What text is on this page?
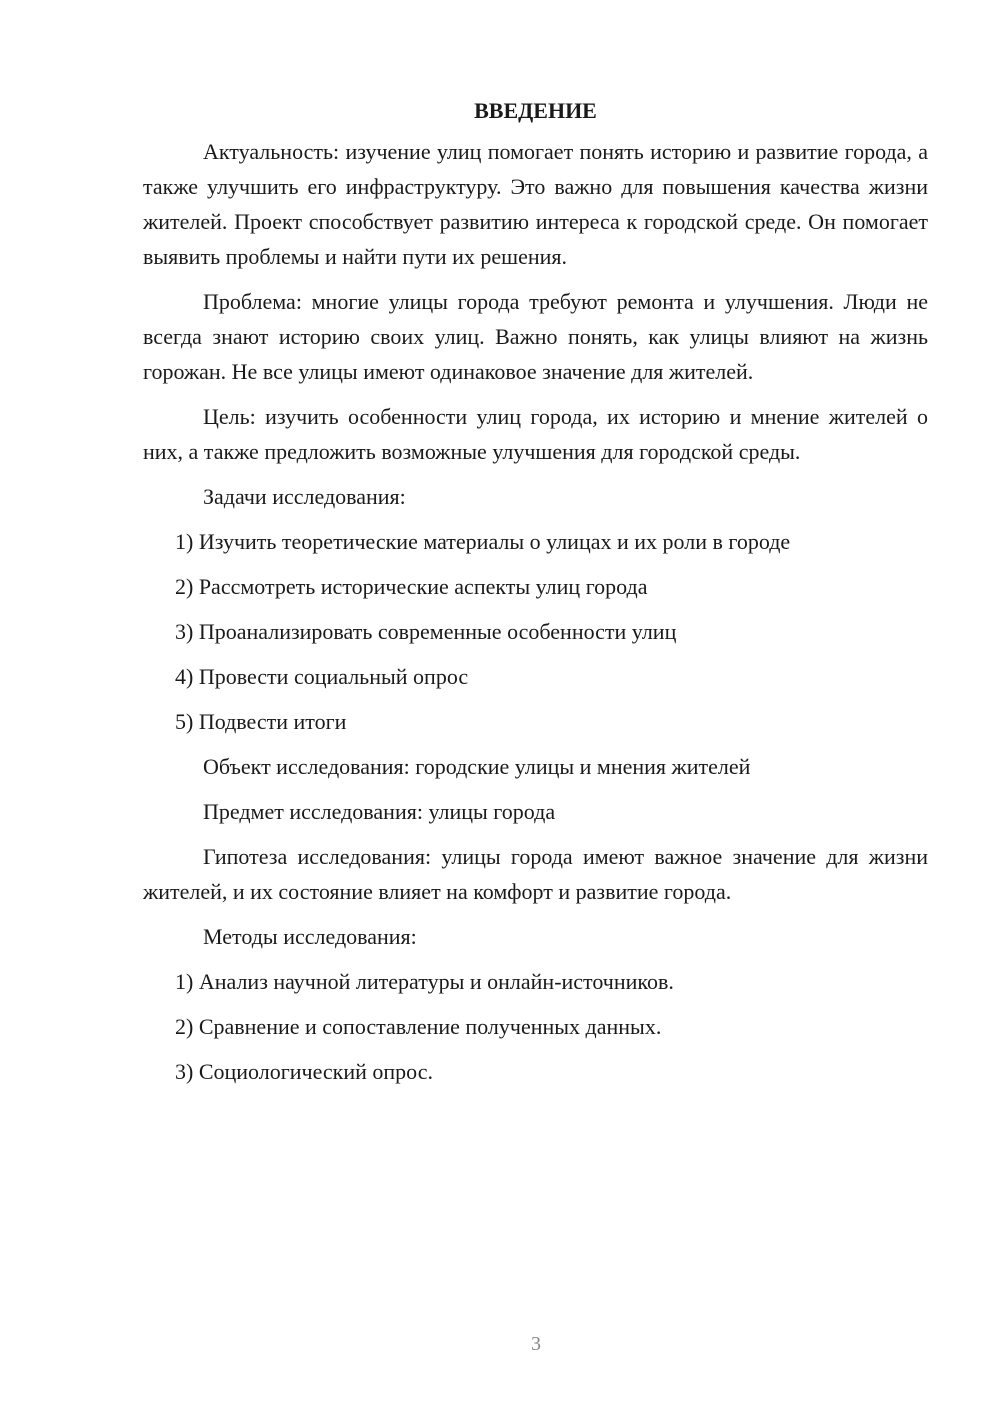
ВВЕДЕНИЕ

Актуальность: изучение улиц помогает понять историю и развитие города, а также улучшить его инфраструктуру. Это важно для повышения качества жизни жителей. Проект способствует развитию интереса к городской среде. Он помогает выявить проблемы и найти пути их решения.

Проблема: многие улицы города требуют ремонта и улучшения. Люди не всегда знают историю своих улиц. Важно понять, как улицы влияют на жизнь горожан. Не все улицы имеют одинаковое значение для жителей.

Цель: изучить особенности улиц города, их историю и мнение жителей о них, а также предложить возможные улучшения для городской среды.

Задачи исследования:

1) Изучить теоретические материалы о улицах и их роли в городе

2) Рассмотреть исторические аспекты улиц города

3) Проанализировать современные особенности улиц

4) Провести социальный опрос

5) Подвести итоги

Объект исследования: городские улицы и мнения жителей

Предмет исследования: улицы города

Гипотеза исследования: улицы города имеют важное значение для жизни жителей, и их состояние влияет на комфорт и развитие города.

Методы исследования:

1) Анализ научной литературы и онлайн-источников.

2) Сравнение и сопоставление полученных данных.

3) Социологический опрос.

3
